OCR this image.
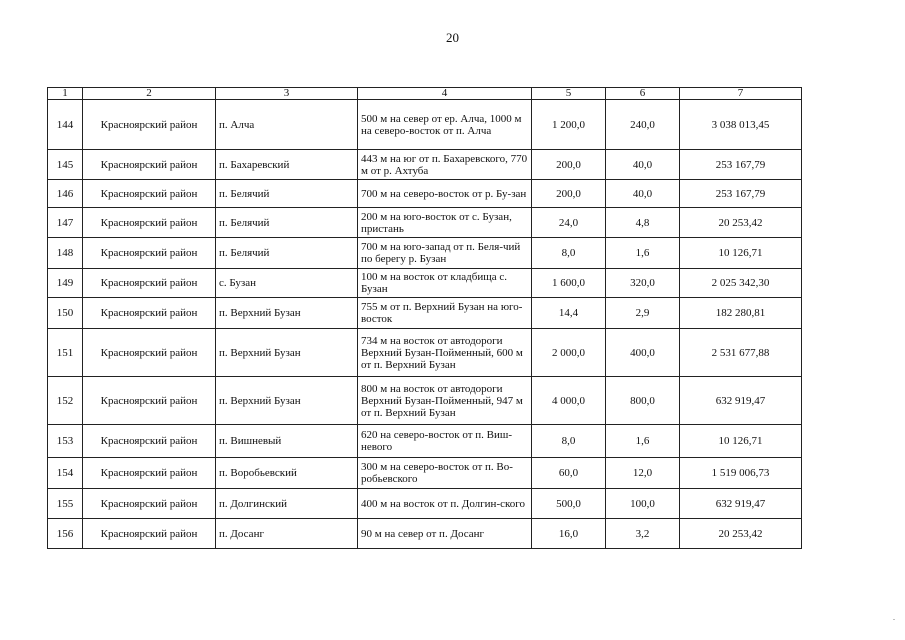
20
1	2	3	4	5	6	7
144	Красноярский район	п. Алча	500 м на север от ер. Алча, 1000 м на северо-восток от п. Алча	1 200,0	240,0	3 038 013,45
145	Красноярский район	п. Бахаревский	443 м на юг от п. Бахаревского, 770 м от р. Ахтуба	200,0	40,0	253 167,79
146	Красноярский район	п. Белячий	700 м на северо-восток от р. Бу-зан	200,0	40,0	253 167,79
147	Красноярский район	п. Белячий	200 м на юго-восток от с. Бузан, пристань	24,0	4,8	20 253,42
148	Красноярский район	п. Белячий	700 м на юго-запад от п. Беля-чий по берегу р. Бузан	8,0	1,6	10 126,71
149	Красноярский район	с. Бузан	100 м на восток от кладбища с. Бузан	1 600,0	320,0	2 025 342,30
150	Красноярский район	п. Верхний Бузан	755 м от п. Верхний Бузан на юго-восток	14,4	2,9	182 280,81
151	Красноярский район	п. Верхний Бузан	734 м на восток от автодороги Верхний Бузан-Пойменный, 600 м от п. Верхний Бузан	2 000,0	400,0	2 531 677,88
152	Красноярский район	п. Верхний Бузан	800 м на восток от автодороги Верхний Бузан-Пойменный, 947 м от п. Верхний Бузан	4 000,0	800,0	632 919,47
153	Красноярский район	п. Вишневый	620 на северо-восток от п. Виш-невого	8,0	1,6	10 126,71
154	Красноярский район	п. Воробьевский	300 м на северо-восток от п. Во-робьевского	60,0	12,0	1 519 006,73
155	Красноярский район	п. Долгинский	400 м на восток от п. Долгин-ского	500,0	100,0	632 919,47
156	Красноярский район	п. Досанг	90 м на север от п. Досанг	16,0	3,2	20 253,42
.
